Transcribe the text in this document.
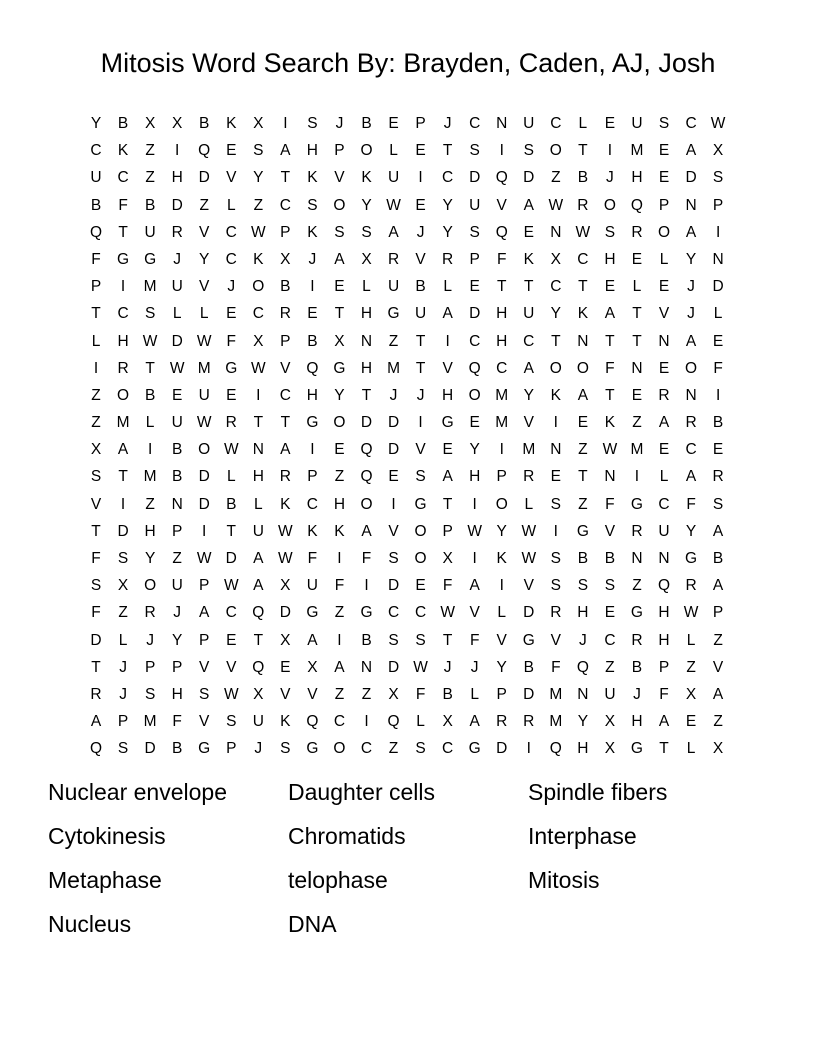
Mitosis Word Search By: Brayden, Caden, AJ, Josh
Y	B	X	X	B	K	X	I	S	J	B	E	P	J	C	N	U	C	L	E	U	S	C W
C	K	Z	I	Q	E	S	A	H	P	O	L	E	T	S	I	S	O	T	I	M E	A	X
U	C	Z	H	D	V	Y	T	K	V	K	U	I	C	D Q D	Z	B	J	H	E	D	S
B	F	B	D	Z	L	Z	C	S	O	Y W E	Y	U	V	A W R O Q	P	N	P
Q	T	U	R	V	C W P	K	S	S	A	J	Y	S	Q	E	N W S	R O	A	I
F	G G	J	Y	C	K	X	J	A	X	R	V	R	P	F	K	X	C	H	E	L	Y	N
P	I	M U	V	J	O	B	I	E	L	U	B	L	E	T	T	C	T	E	L	E	J	D
T	C	S	L	L	E	C	R	E	T	H G U	A	D	H	U	Y	K	A	T	V	J	L
L	H W D W F	X	P	B	X	N	Z	T	I	C	H	C	T	N	T	T	N	A	E
I	R	T W M G W V	Q G H M	T	V	Q C	A	O O	F	N	E	O	F
Z	O	B	E	U	E	I	C	H	Y	T	J	J	H O M Y	K	A	T	E	R	N	I
Z	M	L	U W R	T	T	G O D	D	I	G	E M V	I	E	K	Z	A	R	B
X	A	I	B	O W N	A	I	E	Q D	V	E	Y	I	M N	Z W M E	C	E
S	T	M B	D	L	H	R	P	Z	Q	E	S	A	H	P	R	E	T	N	I	L	A	R
V	I	Z	N	D	B	L	K	C	H O	I	G	T	I	O	L	S	Z	F	G C	F	S
T	D	H	P	I	T	U W K	K	A	V	O	P W Y W	I	G	V	R	U	Y	A
F	S	Y	Z W D	A W F	I	F	S	O	X	I	K W S	B	B	N	N G	B
S	X	O U	P W A	X	U	F	I	D	E	F	A	I	V	S	S	S	Z	Q R	A
F	Z	R	J	A	C Q D G	Z	G C	C W V	L	D	R	H	E	G H W P
D	L	J	Y	P	E	T	X	A	I	B	S	S	T	F	V	G	V	J	C	R	H	L	Z
T	J	P	P	V	V	Q	E	X	A	N	D W	J	J	Y	B	F	Q	Z	B	P	Z	V
R	J	S	H	S W X	V	V	Z	Z	X	F	B	L	P	D M N	U	J	F	X	A
A	P M	F	V	S	U	K	Q C	I	Q	L	X	A	R	R M Y	X	H	A	E	Z
Q	S	D	B	G	P	J	S	G O C	Z	S	C G D	I	Q H	X	G	T	L	X
Nuclear envelope	Daughter cells	Spindle fibers
Cytokinesis	Chromatids	Interphase
Metaphase	telophase	Mitosis
Nucleus	DNA
